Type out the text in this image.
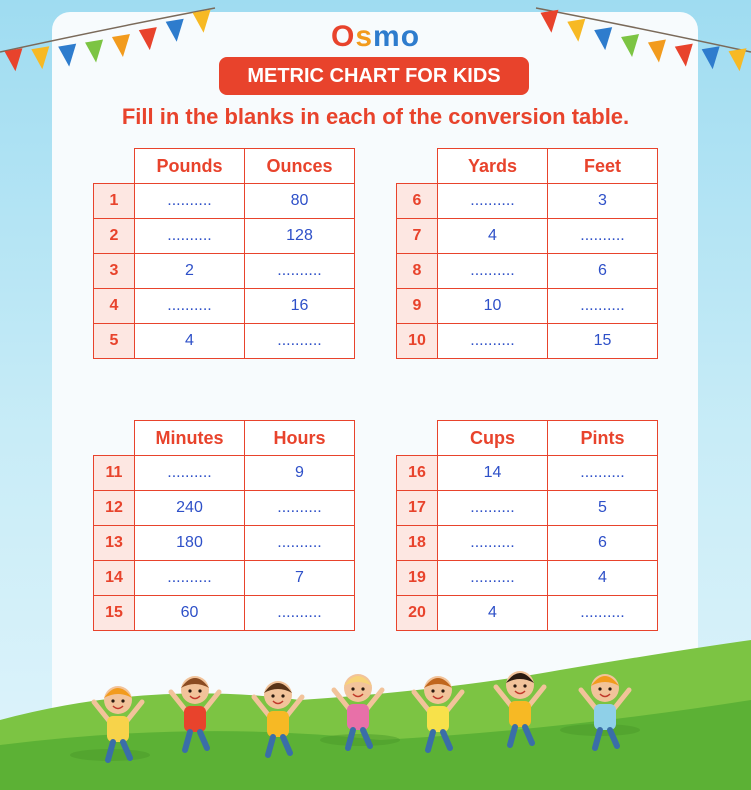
Osmo
METRIC CHART FOR KIDS
Fill in the blanks in each of the conversion table.
	Pounds	Ounces
1	..........	80
2	..........	128
3	2	..........
4	..........	16
5	4	..........
	Yards	Feet
6	..........	3
7	4	..........
8	..........	6
9	10	..........
10	..........	15
	Minutes	Hours
11	..........	9
12	240	..........
13	180	..........
14	..........	7
15	60	..........
	Cups	Pints
16	14	..........
17	..........	5
18	..........	6
19	..........	4
20	4	..........
